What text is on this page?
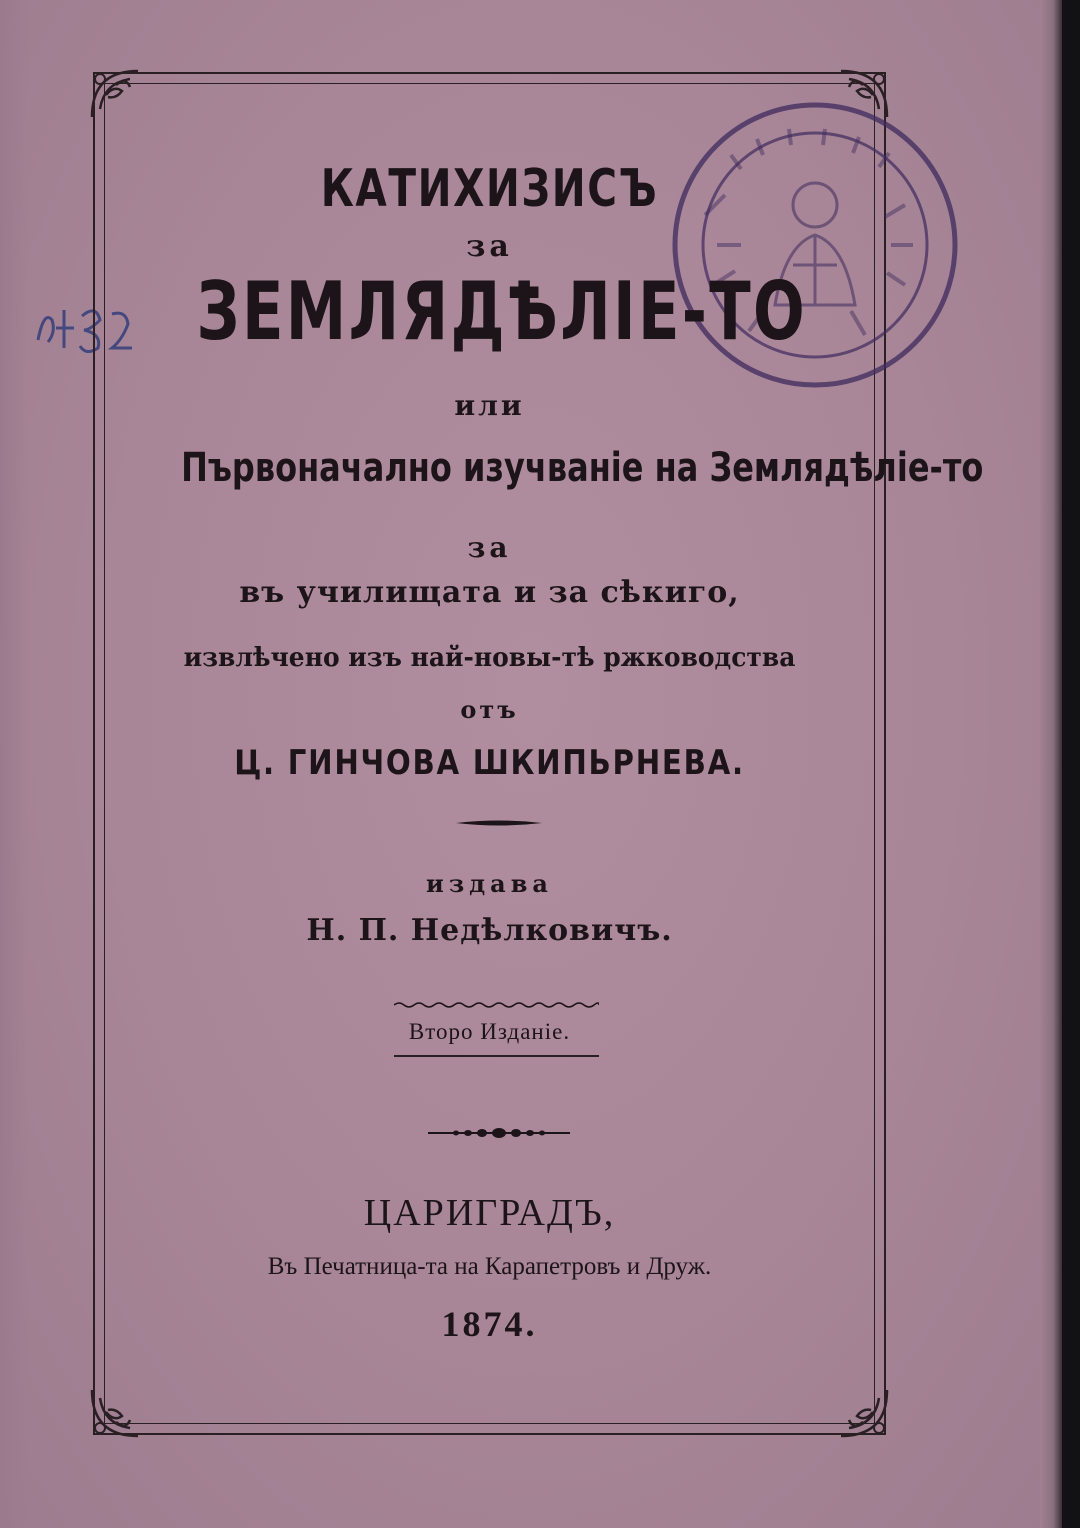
КАТИХИЗИСЪ
за
ЗЕМЛЯДѢЛІЕ-ТО
или
Първоначално изучваніе на Землядѣліе-то
за
въ училищата и за сѣкиго,
извлѣчено изъ най-новы-тѣ ржководства
отъ
Ц. ГИНЧОВА ШКИПЬРНЕВА.
издава
Н. П. Недѣлковичъ.
Второ Изданіе.
ЦАРИГРАДЪ,
Въ Печатница-та на Карапетровъ и Друж.
1874.
